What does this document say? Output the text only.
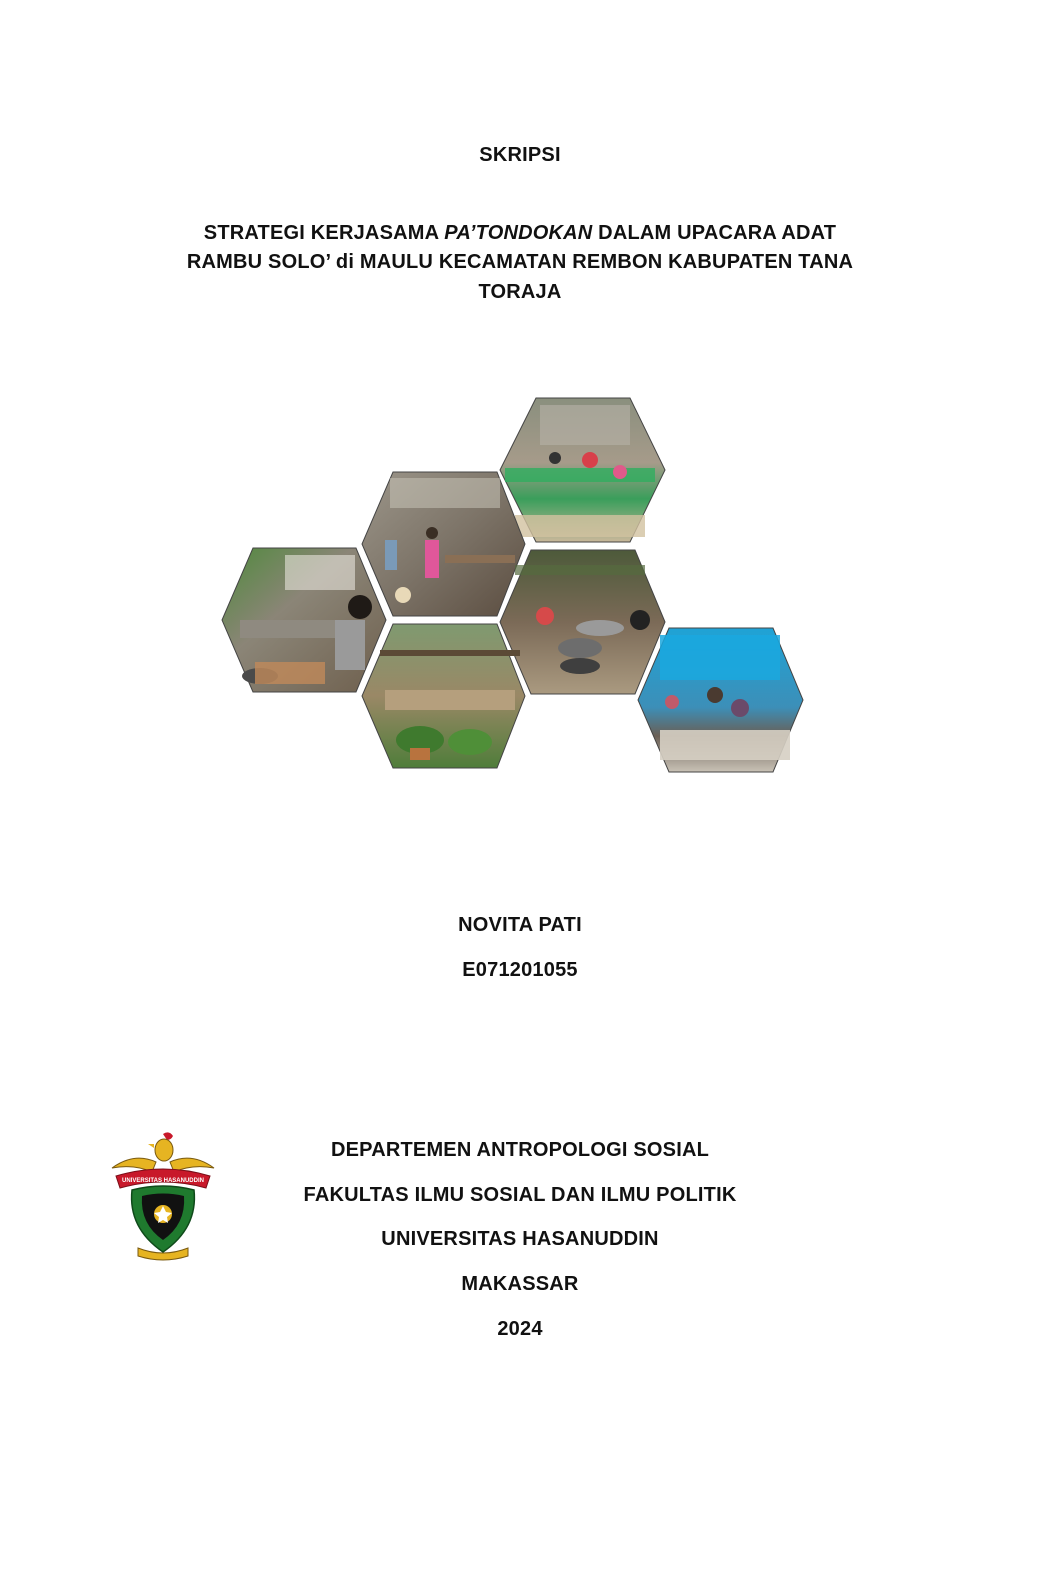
SKRIPSI
STRATEGI KERJASAMA PA’TONDOKAN DALAM UPACARA ADAT
RAMBU SOLO’ di MAULU KECAMATAN REMBON KABUPATEN TANA
TORAJA
NOVITA PATI
E071201055
UNIVERSITAS HASANUDDIN
DEPARTEMEN ANTROPOLOGI SOSIAL
FAKULTAS ILMU SOSIAL DAN ILMU POLITIK
UNIVERSITAS HASANUDDIN
MAKASSAR
2024
